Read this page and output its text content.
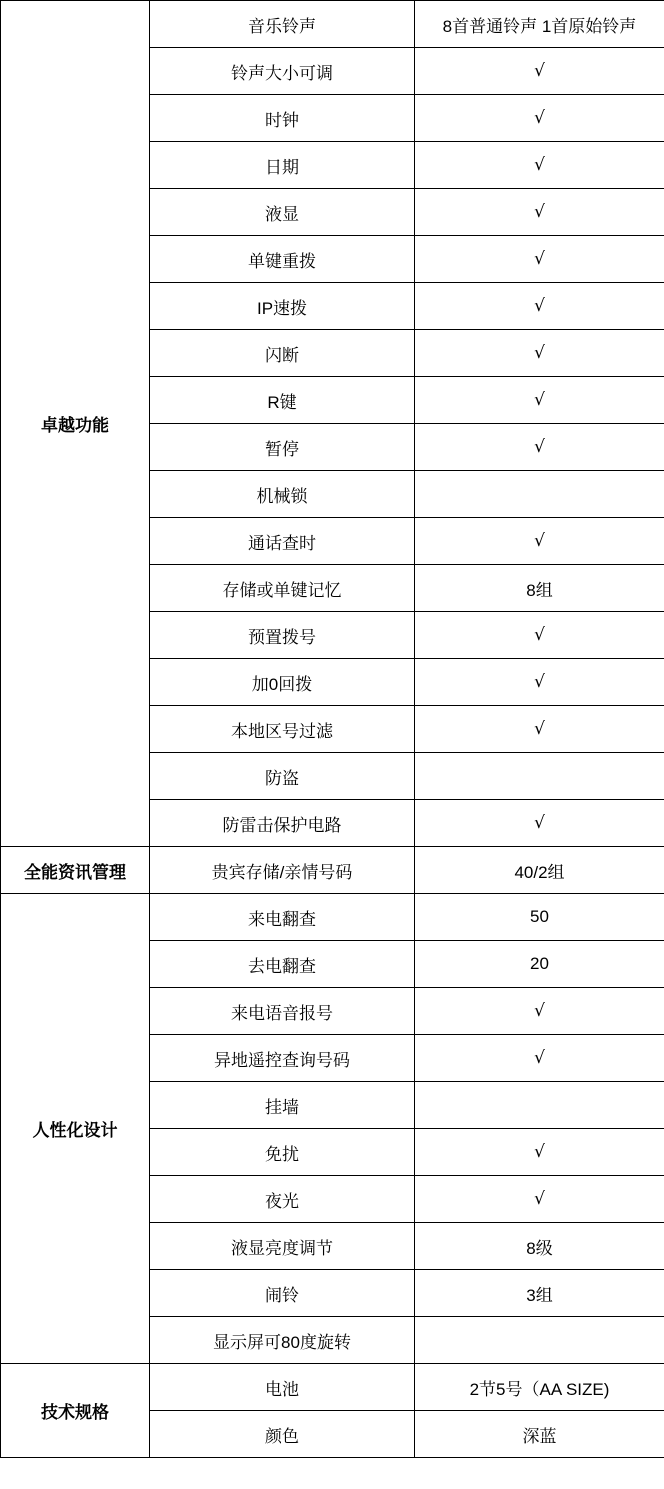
卓越功能	音乐铃声	8首普通铃声 1首原始铃声
	铃声大小可调	√
	时钟	√
	日期	√
	液显	√
	单键重拨	√
	IP速拨	√
	闪断	√
	R键	√
	暂停	√
	机械锁	
	通话查时	√
	存储或单键记忆	8组
	预置拨号	√
	加0回拨	√
	本地区号过滤	√
	防盗	
	防雷击保护电路	√
全能资讯管理	贵宾存储/亲情号码	40/2组
人性化设计	来电翻查	50
	去电翻查	20
	来电语音报号	√
	异地遥控查询号码	√
	挂墙	
	免扰	√
	夜光	√
	液显亮度调节	8级
	闹铃	3组
	显示屏可80度旋转	
技术规格	电池	2节5号（AA SIZE)
	颜色	深蓝
